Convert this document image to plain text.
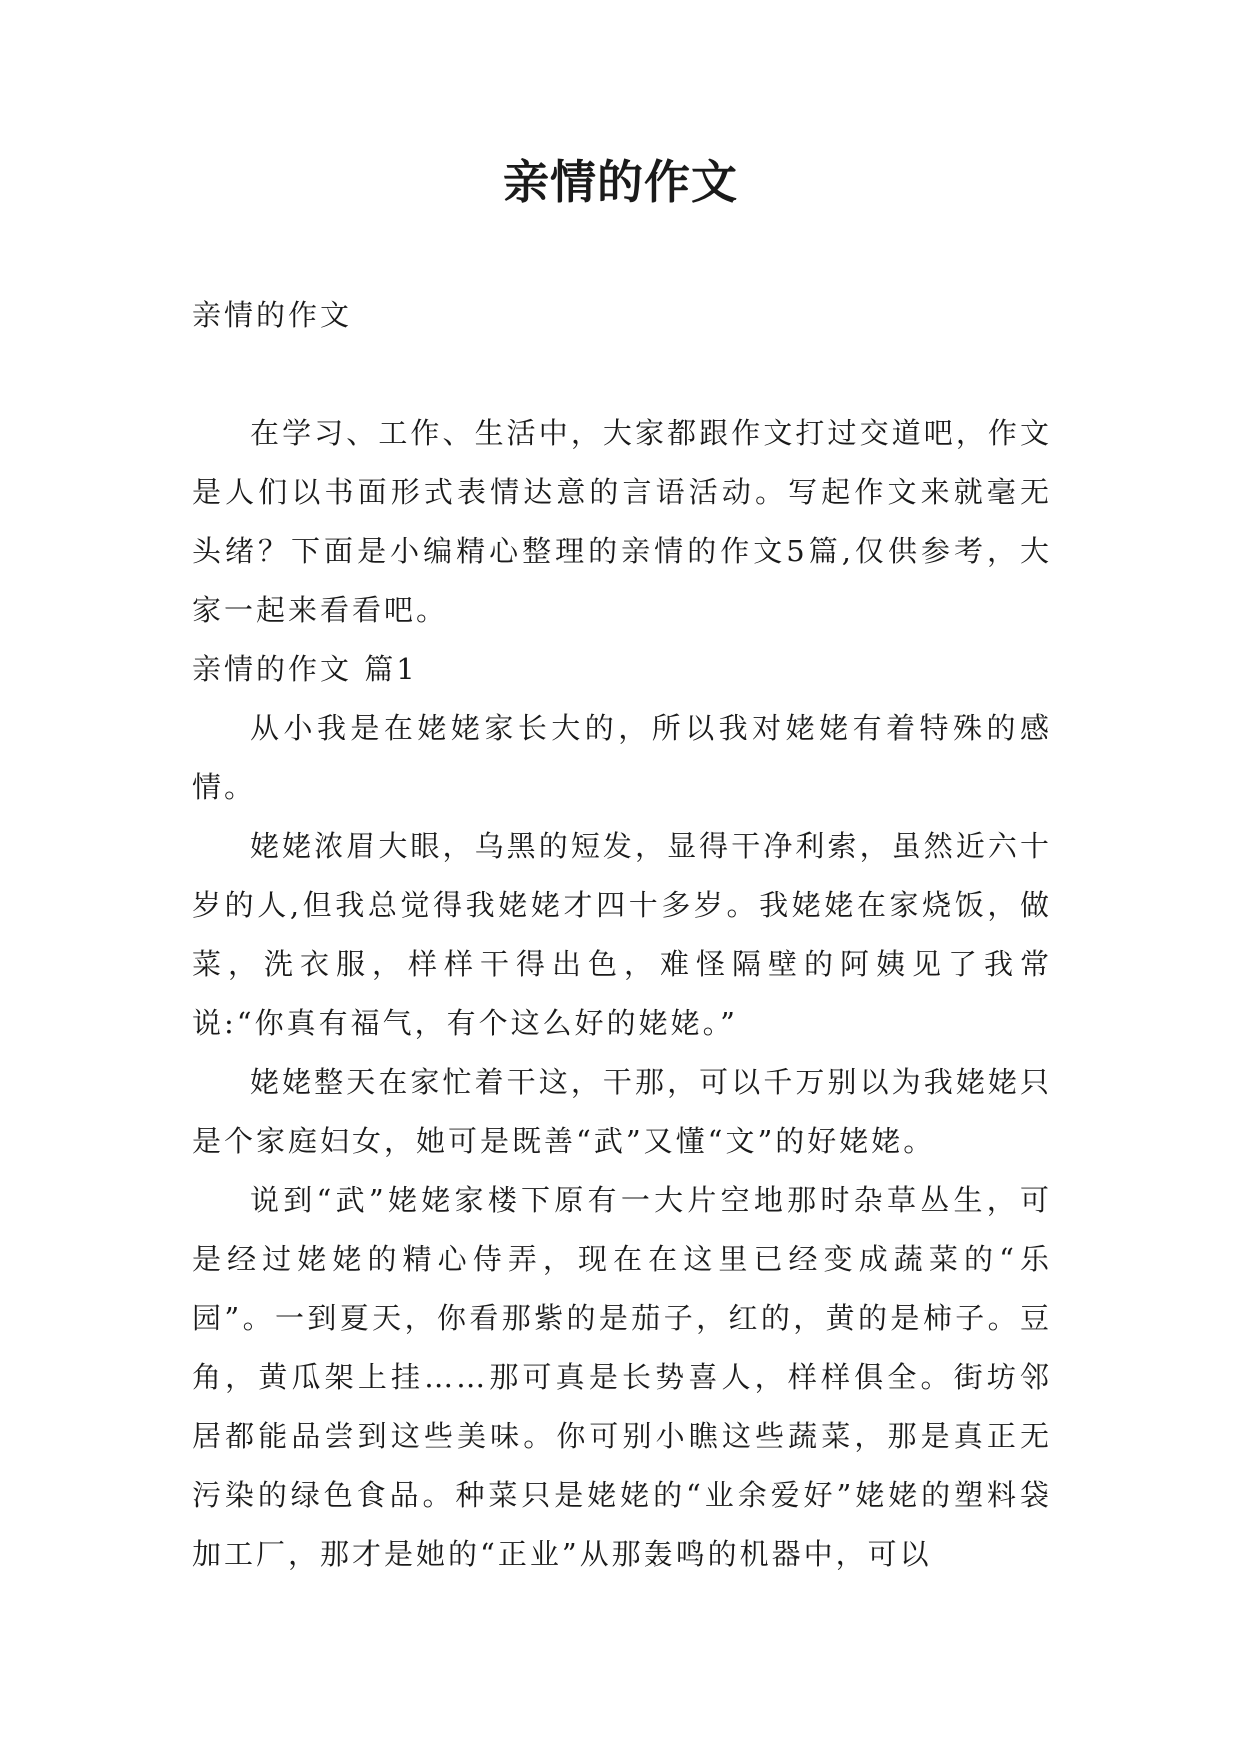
亲情的作文

亲情的作文

在学习、工作、生活中，大家都跟作文打过交道吧，作文是人们以书面形式表情达意的言语活动。写起作文来就毫无头绪？下面是小编精心整理的亲情的作文5篇,仅供参考，大家一起来看看吧。

亲情的作文 篇1

从小我是在姥姥家长大的，所以我对姥姥有着特殊的感情。

姥姥浓眉大眼，乌黑的短发，显得干净利索，虽然近六十岁的人,但我总觉得我姥姥才四十多岁。我姥姥在家烧饭，做菜，洗衣服，样样干得出色，难怪隔壁的阿姨见了我常说:“你真有福气，有个这么好的姥姥。”

姥姥整天在家忙着干这，干那，可以千万别以为我姥姥只是个家庭妇女，她可是既善“武”又懂“文”的好姥姥。

说到“武”姥姥家楼下原有一大片空地那时杂草丛生，可是经过姥姥的精心侍弄，现在在这里已经变成蔬菜的“乐园”。一到夏天，你看那紫的是茄子，红的，黄的是柿子。豆角，黄瓜架上挂……那可真是长势喜人，样样俱全。街坊邻居都能品尝到这些美味。你可别小瞧这些蔬菜，那是真正无污染的绿色食品。种菜只是姥姥的“业余爱好”姥姥的塑料袋加工厂，那才是她的“正业”从那轰鸣的机器中，可以
